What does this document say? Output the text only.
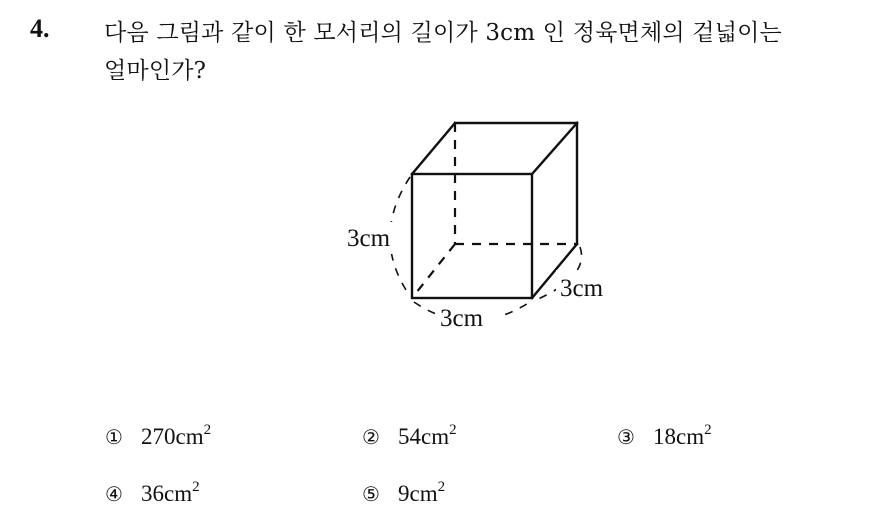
4. 다음 그림과 같이 한 모서리의 길이가 3cm 인 정육면체의 겉넓이는
얼마인가?
3cm
3cm
3cm
① $270cm^2$	② $54cm^2$	③ $18cm^2$
④ $36cm^2$	⑤ $9cm^2$
